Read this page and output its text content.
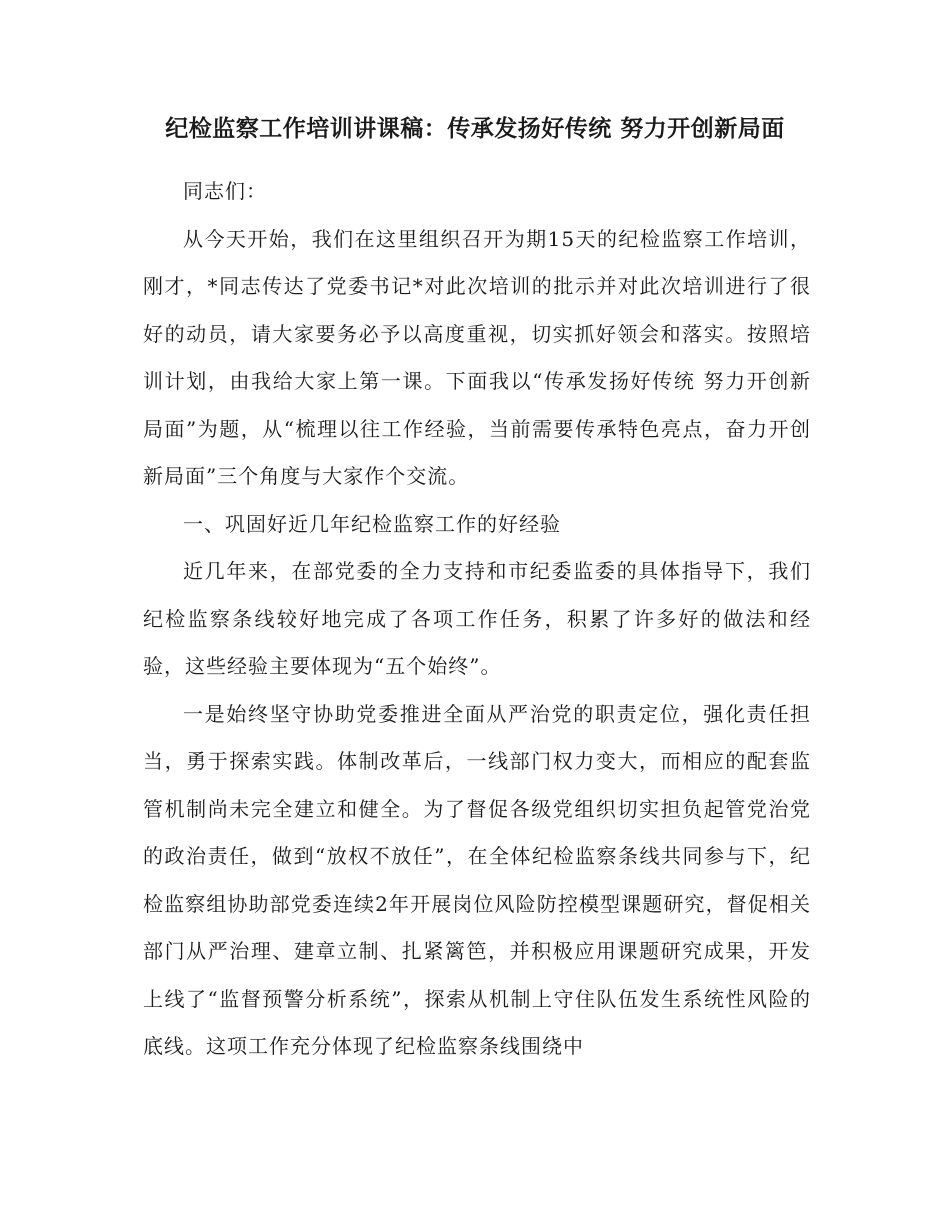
纪检监察工作培训讲课稿：传承发扬好传统 努力开创新局面

同志们：

从今天开始，我们在这里组织召开为期15天的纪检监察工作培训，刚才，*同志传达了党委书记*对此次培训的批示并对此次培训进行了很好的动员，请大家要务必予以高度重视，切实抓好领会和落实。按照培训计划，由我给大家上第一课。下面我以“传承发扬好传统 努力开创新局面”为题，从“梳理以往工作经验，当前需要传承特色亮点，奋力开创新局面”三个角度与大家作个交流。

一、巩固好近几年纪检监察工作的好经验

近几年来，在部党委的全力支持和市纪委监委的具体指导下，我们纪检监察条线较好地完成了各项工作任务，积累了许多好的做法和经验，这些经验主要体现为“五个始终”。

一是始终坚守协助党委推进全面从严治党的职责定位，强化责任担当，勇于探索实践。体制改革后，一线部门权力变大，而相应的配套监管机制尚未完全建立和健全。为了督促各级党组织切实担负起管党治党的政治责任，做到“放权不放任”，在全体纪检监察条线共同参与下，纪检监察组协助部党委连续2年开展岗位风险防控模型课题研究，督促相关部门从严治理、建章立制、扎紧篱笆，并积极应用课题研究成果，开发上线了“监督预警分析系统”，探索从机制上守住队伍发生系统性风险的底线。这项工作充分体现了纪检监察条线围绕中
